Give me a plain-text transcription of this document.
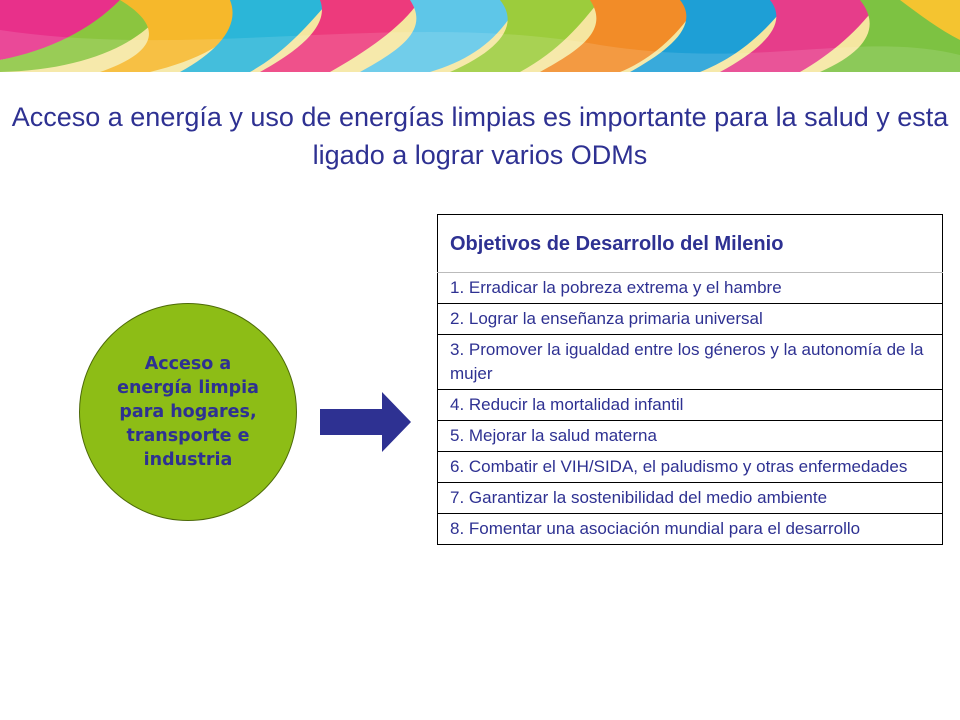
Acceso a energía y uso de energías limpias es importante para la salud y esta ligado a lograr varios ODMs
Acceso a
energía limpia
para hogares,
transporte e
industria
Objetivos de Desarrollo del Milenio
1. Erradicar la pobreza extrema y el hambre
2. Lograr la enseñanza primaria universal
3. Promover la igualdad entre los géneros y la autonomía de la mujer
4. Reducir la mortalidad infantil
5. Mejorar la salud materna
6. Combatir el VIH/SIDA, el paludismo y otras enfermedades
7. Garantizar la sostenibilidad del medio ambiente
8. Fomentar una asociación mundial para el desarrollo
